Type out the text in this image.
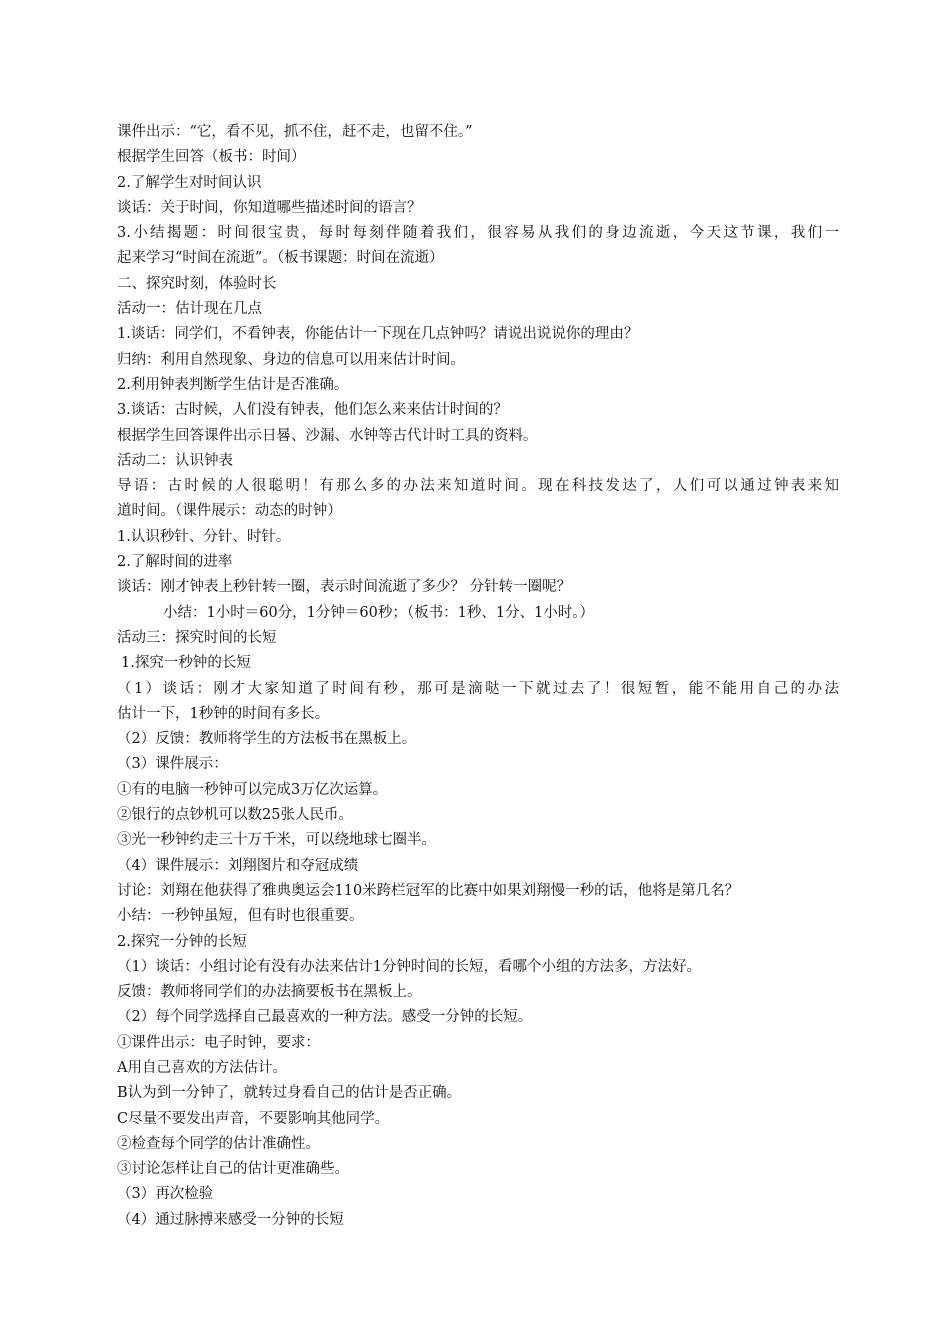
课件出示：“它，看不见，抓不住，赶不走，也留不住。”
根据学生回答（板书：时间）
2.了解学生对时间认识
谈话：关于时间，你知道哪些描述时间的语言？
3.小结揭题：时间很宝贵，每时每刻伴随着我们，很容易从我们的身边流逝，今天这节课，我们一
起来学习“时间在流逝”。（板书课题：时间在流逝）
二、探究时刻，体验时长
活动一：估计现在几点
1.谈话：同学们，不看钟表，你能估计一下现在几点钟吗？请说出说说你的理由？
归纳：利用自然现象、身边的信息可以用来估计时间。
2.利用钟表判断学生估计是否准确。
3.谈话：古时候，人们没有钟表，他们怎么来来估计时间的？
根据学生回答课件出示日晷、沙漏、水钟等古代计时工具的资料。
活动二：认识钟表
导语：古时候的人很聪明！有那么多的办法来知道时间。现在科技发达了，人们可以通过钟表来知
道时间。（课件展示：动态的时钟）
1.认识秒针、分针、时针。
2.了解时间的进率
谈话：刚才钟表上秒针转一圈，表示时间流逝了多少？ 分针转一圈呢？
小结：1小时＝60分，1分钟＝60秒；（板书：1秒、1分、1小时。）
活动三：探究时间的长短
1.探究一秒钟的长短
（1）谈话：刚才大家知道了时间有秒，那可是滴哒一下就过去了！很短暂，能不能用自己的办法
估计一下，1秒钟的时间有多长。
（2）反馈：教师将学生的方法板书在黑板上。
（3）课件展示：
①有的电脑一秒钟可以完成3万亿次运算。
②银行的点钞机可以数25张人民币。
③光一秒钟约走三十万千米，可以绕地球七圈半。
（4）课件展示：刘翔图片和夺冠成绩
讨论：刘翔在他获得了雅典奥运会110米跨栏冠军的比赛中如果刘翔慢一秒的话，他将是第几名？
小结：一秒钟虽短，但有时也很重要。
2.探究一分钟的长短
（1）谈话：小组讨论有没有办法来估计1分钟时间的长短，看哪个小组的方法多，方法好。
反馈：教师将同学们的办法摘要板书在黑板上。
（2）每个同学选择自己最喜欢的一种方法。感受一分钟的长短。
①课件出示：电子时钟，要求：
A用自己喜欢的方法估计。
B认为到一分钟了，就转过身看自己的估计是否正确。
C尽量不要发出声音，不要影响其他同学。
②检查每个同学的估计准确性。
③讨论怎样让自己的估计更准确些。
（3）再次检验
（4）通过脉搏来感受一分钟的长短
